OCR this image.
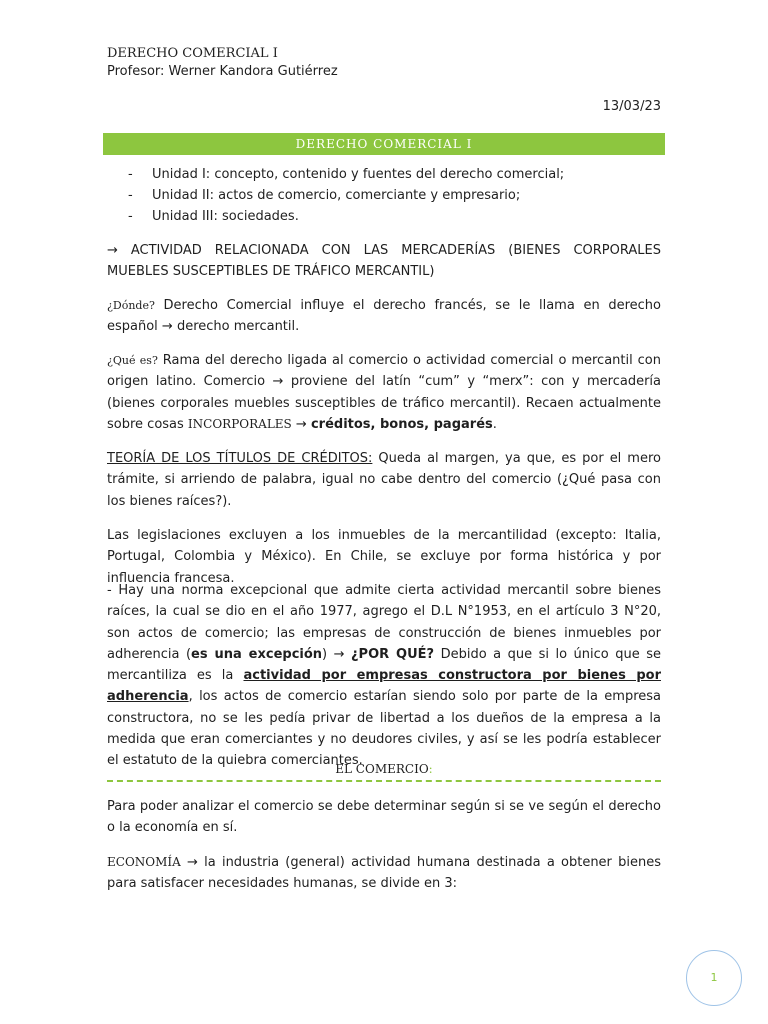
DERECHO COMERCIAL I
Profesor: Werner Kandora Gutiérrez
13/03/23
DERECHO COMERCIAL I
- Unidad I: concepto, contenido y fuentes del derecho comercial;
- Unidad II: actos de comercio, comerciante y empresario;
- Unidad III: sociedades.

→ ACTIVIDAD RELACIONADA CON LAS MERCADERÍAS (BIENES CORPORALES MUEBLES SUSCEPTIBLES DE TRÁFICO MERCANTIL)

¿Dónde? Derecho Comercial influye el derecho francés, se le llama en derecho español → derecho mercantil.

¿Qué es? Rama del derecho ligada al comercio o actividad comercial o mercantil con origen latino. Comercio → proviene del latín “cum” y “merx”: con y mercadería (bienes corporales muebles susceptibles de tráfico mercantil). Recaen actualmente sobre cosas INCORPORALES → créditos, bonos, pagarés.

TEORÍA DE LOS TÍTULOS DE CRÉDITOS: Queda al margen, ya que, es por el mero trámite, si arriendo de palabra, igual no cabe dentro del comercio (¿Qué pasa con los bienes raíces?).

Las legislaciones excluyen a los inmuebles de la mercantilidad (excepto: Italia, Portugal, Colombia y México). En Chile, se excluye por forma histórica y por influencia francesa.

- Hay una norma excepcional que admite cierta actividad mercantil sobre bienes raíces, la cual se dio en el año 1977, agrego el D.L N°1953, en el artículo 3 N°20, son actos de comercio; las empresas de construcción de bienes inmuebles por adherencia (es una excepción) → ¿POR QUÉ? Debido a que si lo único que se mercantiliza es la actividad por empresas constructora por bienes por adherencia, los actos de comercio estarían siendo solo por parte de la empresa constructora, no se les pedía privar de libertad a los dueños de la empresa a la medida que eran comerciantes y no deudores civiles, y así se les podría establecer el estatuto de la quiebra comerciantes.

EL COMERCIO:

Para poder analizar el comercio se debe determinar según si se ve según el derecho o la economía en sí.

ECONOMÍA → la industria (general) actividad humana destinada a obtener bienes para satisfacer necesidades humanas, se divide en 3:

1
